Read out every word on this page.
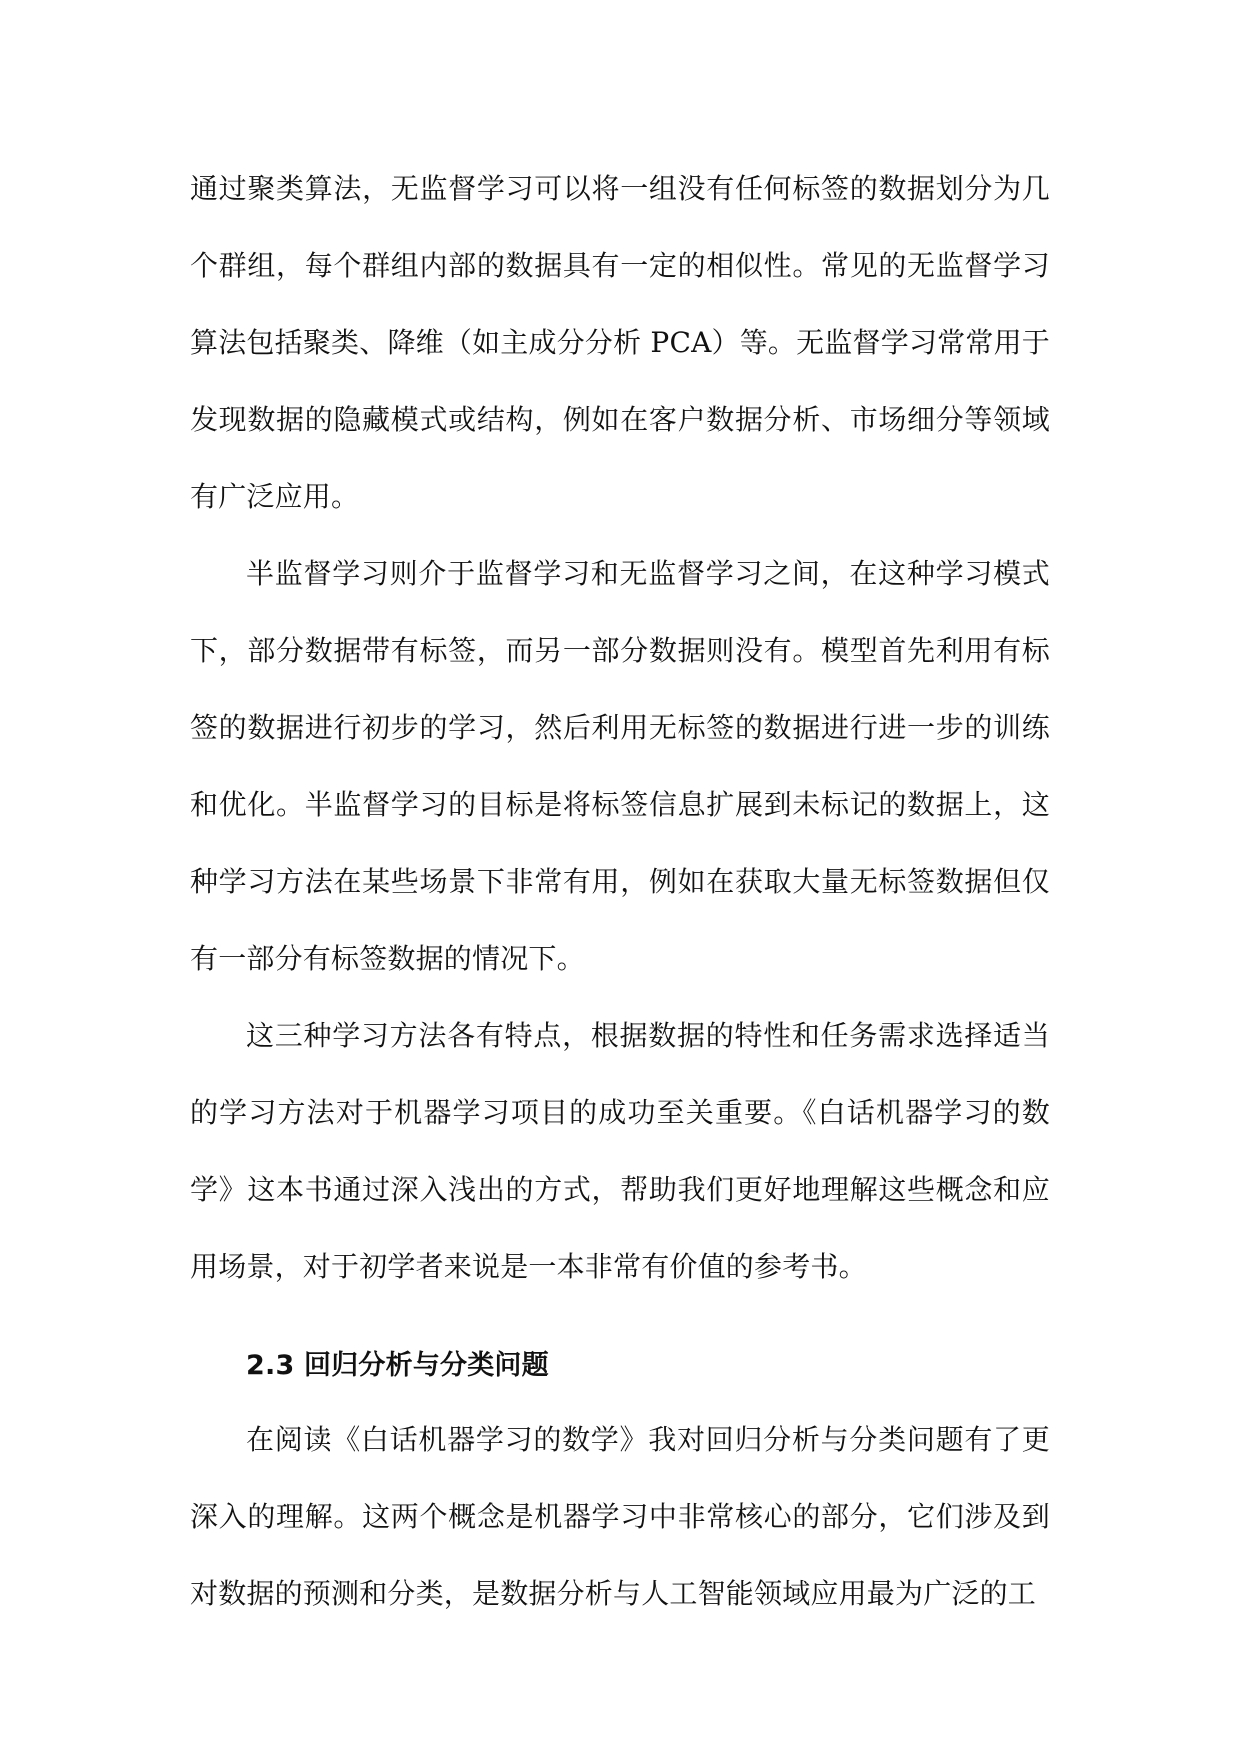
通过聚类算法，无监督学习可以将一组没有任何标签的数据划分为几个群组，每个群组内部的数据具有一定的相似性。常见的无监督学习算法包括聚类、降维（如主成分分析 PCA）等。无监督学习常常用于发现数据的隐藏模式或结构，例如在客户数据分析、市场细分等领域有广泛应用。

半监督学习则介于监督学习和无监督学习之间，在这种学习模式下，部分数据带有标签，而另一部分数据则没有。模型首先利用有标签的数据进行初步的学习，然后利用无标签的数据进行进一步的训练和优化。半监督学习的目标是将标签信息扩展到未标记的数据上，这种学习方法在某些场景下非常有用，例如在获取大量无标签数据但仅有一部分有标签数据的情况下。

这三种学习方法各有特点，根据数据的特性和任务需求选择适当的学习方法对于机器学习项目的成功至关重要。《白话机器学习的数学》这本书通过深入浅出的方式，帮助我们更好地理解这些概念和应用场景，对于初学者来说是一本非常有价值的参考书。

2.3 回归分析与分类问题

在阅读《白话机器学习的数学》我对回归分析与分类问题有了更深入的理解。这两个概念是机器学习中非常核心的部分，它们涉及到对数据的预测和分类，是数据分析与人工智能领域应用最为广泛的工
